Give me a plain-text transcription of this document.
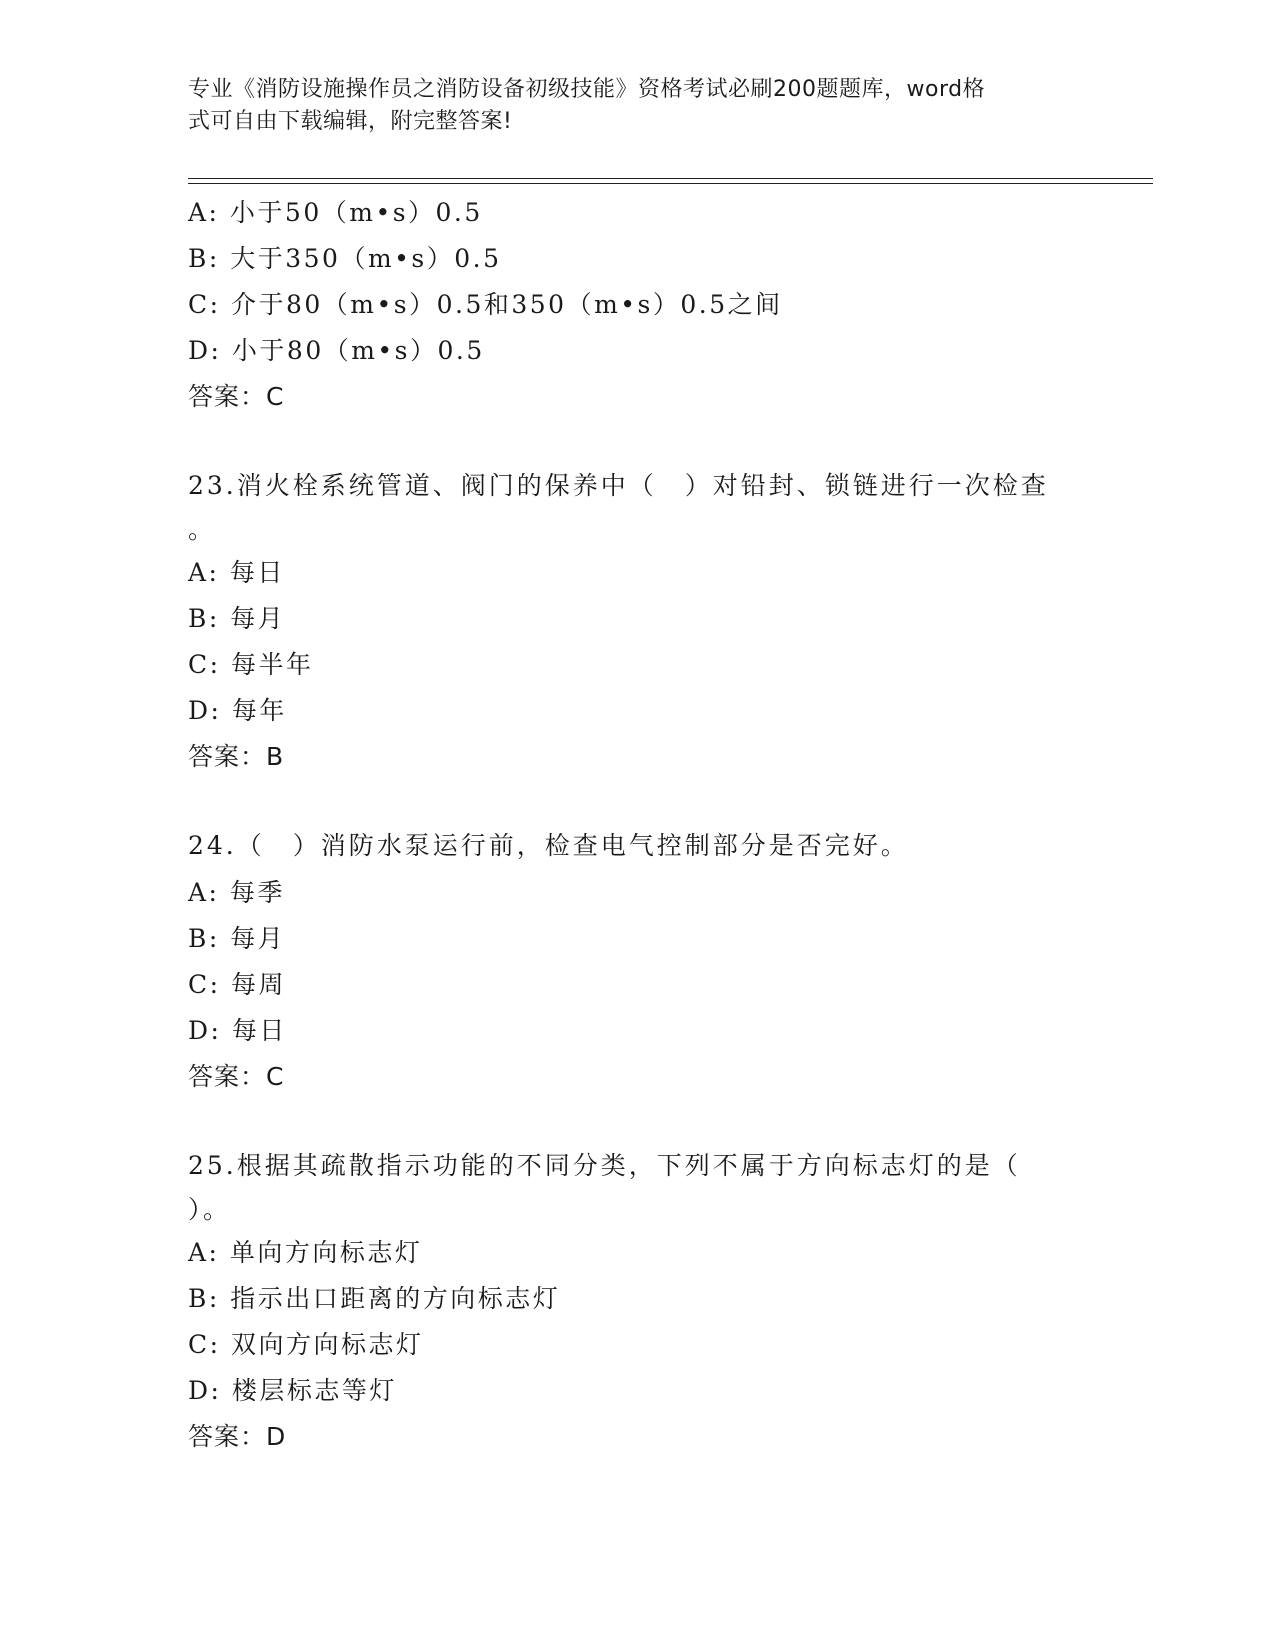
专业《消防设施操作员之消防设备初级技能》资格考试必刷200题题库，word格
式可自由下载编辑，附完整答案!
A: 小于50（m•s）0.5
B: 大于350（m•s）0.5
C: 介于80（m•s）0.5和350（m•s）0.5之间
D: 小于80（m•s）0.5
答案：C
23.消火栓系统管道、阀门的保养中（　）对铅封、锁链进行一次检查
。
A: 每日
B: 每月
C: 每半年
D: 每年
答案：B
24.（　）消防水泵运行前，检查电气控制部分是否完好。
A: 每季
B: 每月
C: 每周
D: 每日
答案：C
25.根据其疏散指示功能的不同分类，下列不属于方向标志灯的是（
）。
A: 单向方向标志灯
B: 指示出口距离的方向标志灯
C: 双向方向标志灯
D: 楼层标志等灯
答案：D
